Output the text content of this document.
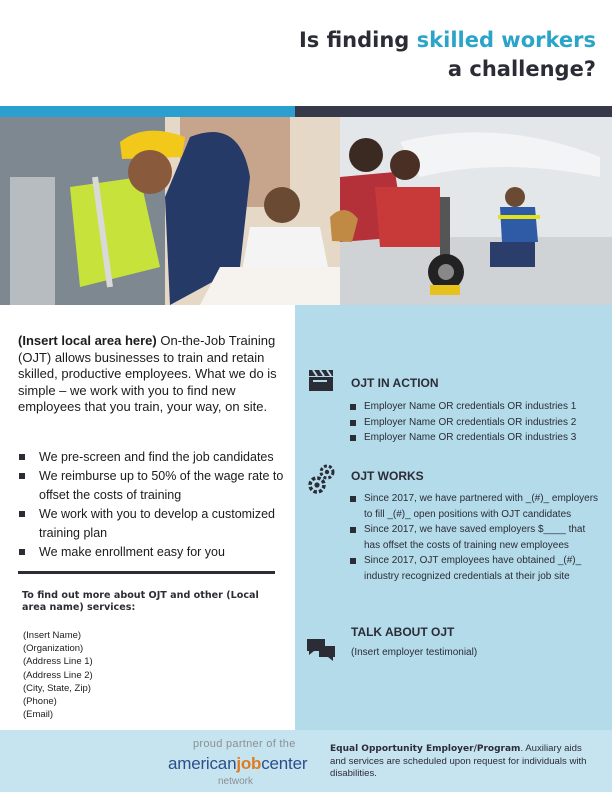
Is finding skilled workers
a challenge?
(Insert local area here) On-the-Job Training (OJT) allows businesses to train and retain skilled, productive employees. What we do is simple – we work with you to find new employees that you train, your way, on site.
We pre-screen and find the job candidates
We reimburse up to 50% of the wage rate to offset the costs of training
We work with you to develop a customized training plan
We make enrollment easy for you
To find out more about OJT and other (Local area name) services:
(Insert Name)
(Organization)
(Address Line 1)
(Address Line 2)
(City, State, Zip)
(Phone)
(Email)
OJT IN ACTION
Employer Name OR credentials OR industries 1
Employer Name OR credentials OR industries 2
Employer Name OR credentials OR industries 3
OJT WORKS
Since 2017, we have partnered with _(#)_ employers to fill _(#)_ open positions with OJT candidates
Since 2017, we have saved employers $____ that has offset the costs of training new employees
Since 2017, OJT employees have obtained _(#)_ industry recognized credentials at their job site
TALK ABOUT OJT
(Insert employer testimonial)
proud partner of the
americanjobcenter
network
Equal Opportunity Employer/Program. Auxiliary aids and services are scheduled upon request for individuals with disabilities.
